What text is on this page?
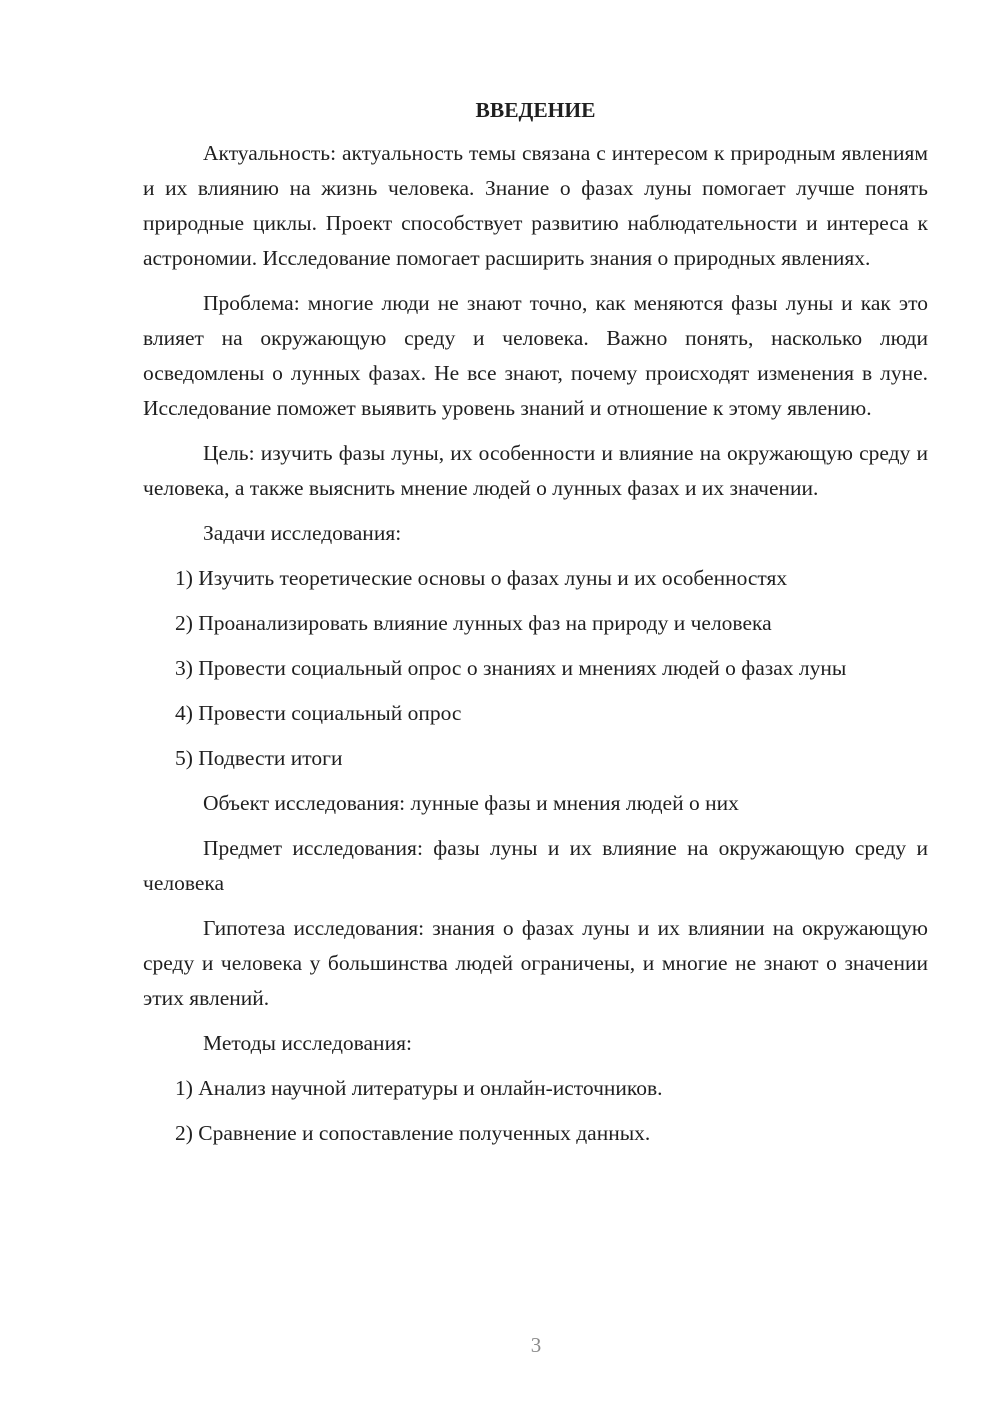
ВВЕДЕНИЕ

Актуальность: актуальность темы связана с интересом к природным явлениям и их влиянию на жизнь человека. Знание о фазах луны помогает лучше понять природные циклы. Проект способствует развитию наблюдательности и интереса к астрономии. Исследование помогает расширить знания о природных явлениях.

Проблема: многие люди не знают точно, как меняются фазы луны и как это влияет на окружающую среду и человека. Важно понять, насколько люди осведомлены о лунных фазах. Не все знают, почему происходят изменения в луне. Исследование поможет выявить уровень знаний и отношение к этому явлению.

Цель: изучить фазы луны, их особенности и влияние на окружающую среду и человека, а также выяснить мнение людей о лунных фазах и их значении.

Задачи исследования:

1) Изучить теоретические основы о фазах луны и их особенностях

2) Проанализировать влияние лунных фаз на природу и человека

3) Провести социальный опрос о знаниях и мнениях людей о фазах луны

4) Провести социальный опрос

5) Подвести итоги

Объект исследования: лунные фазы и мнения людей о них

Предмет исследования: фазы луны и их влияние на окружающую среду и человека

Гипотеза исследования: знания о фазах луны и их влиянии на окружающую среду и человека у большинства людей ограничены, и многие не знают о значении этих явлений.

Методы исследования:

1) Анализ научной литературы и онлайн-источников.

2) Сравнение и сопоставление полученных данных.

3
